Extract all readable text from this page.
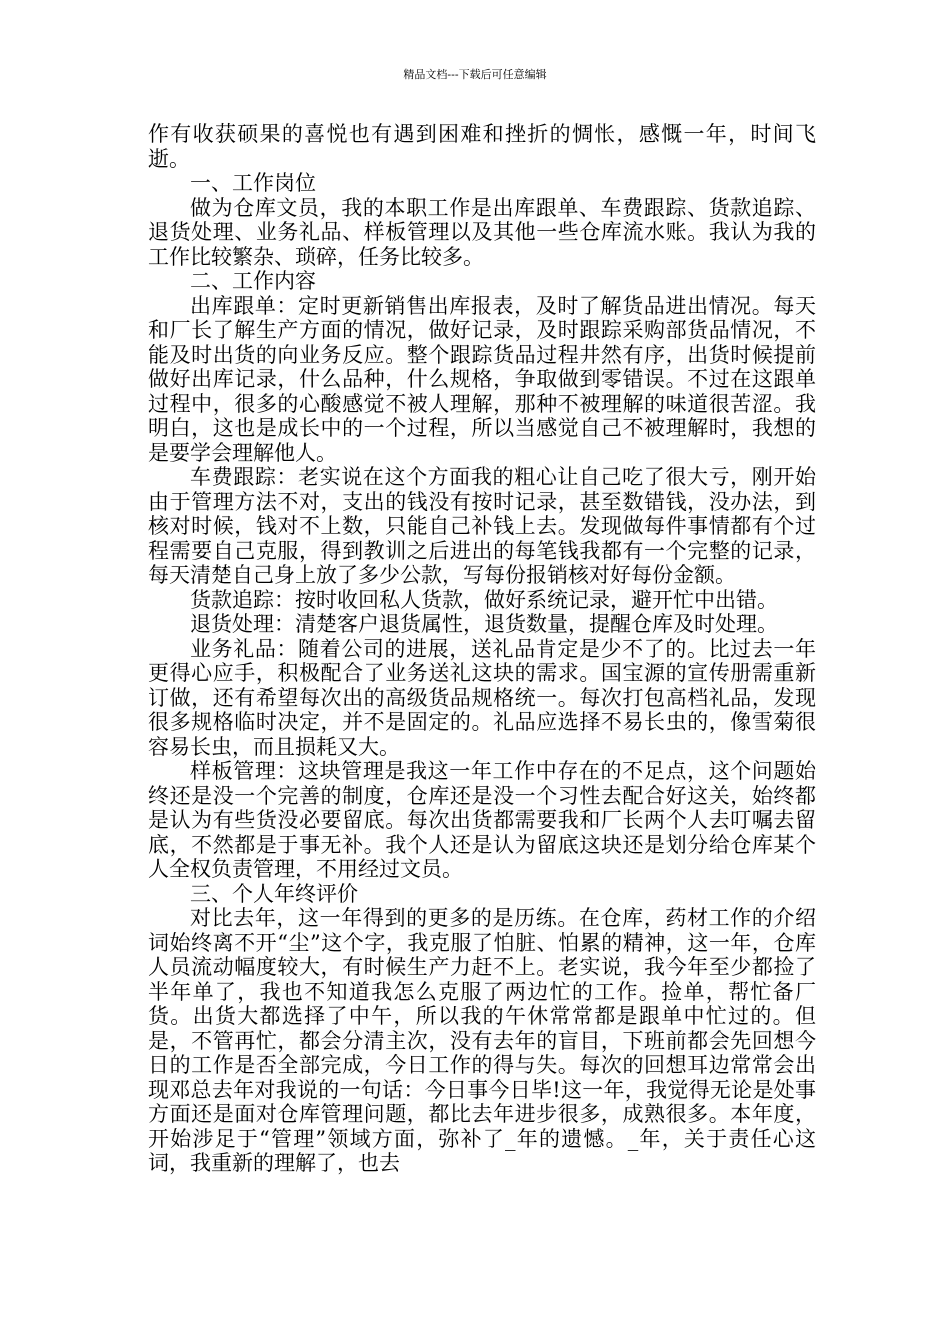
精品文档---下载后可任意编辑

作有收获硕果的喜悦也有遇到困难和挫折的惆怅，感慨一年，时间飞逝。

一、工作岗位

做为仓库文员，我的本职工作是出库跟单、车费跟踪、货款追踪、退货处理、业务礼品、样板管理以及其他一些仓库流水账。我认为我的工作比较繁杂、琐碎，任务比较多。

二、工作内容

出库跟单：定时更新销售出库报表，及时了解货品进出情况。每天和厂长了解生产方面的情况，做好记录，及时跟踪采购部货品情况，不能及时出货的向业务反应。整个跟踪货品过程井然有序，出货时候提前做好出库记录，什么品种，什么规格，争取做到零错误。不过在这跟单过程中，很多的心酸感觉不被人理解，那种不被理解的味道很苦涩。我明白，这也是成长中的一个过程，所以当感觉自己不被理解时，我想的是要学会理解他人。

车费跟踪：老实说在这个方面我的粗心让自己吃了很大亏，刚开始由于管理方法不对，支出的钱没有按时记录，甚至数错钱，没办法，到核对时候，钱对不上数，只能自己补钱上去。发现做每件事情都有个过程需要自己克服，得到教训之后进出的每笔钱我都有一个完整的记录，每天清楚自己身上放了多少公款，写每份报销核对好每份金额。

货款追踪：按时收回私人货款，做好系统记录，避开忙中出错。

退货处理：清楚客户退货属性，退货数量，提醒仓库及时处理。

业务礼品：随着公司的进展，送礼品肯定是少不了的。比过去一年更得心应手，积极配合了业务送礼这块的需求。国宝源的宣传册需重新订做，还有希望每次出的高级货品规格统一。每次打包高档礼品，发现很多规格临时决定，并不是固定的。礼品应选择不易长虫的，像雪菊很容易长虫，而且损耗又大。

样板管理：这块管理是我这一年工作中存在的不足点，这个问题始终还是没一个完善的制度，仓库还是没一个习性去配合好这关，始终都是认为有些货没必要留底。每次出货都需要我和厂长两个人去叮嘱去留底，不然都是于事无补。我个人还是认为留底这块还是划分给仓库某个人全权负责管理，不用经过文员。

三、个人年终评价

对比去年，这一年得到的更多的是历练。在仓库，药材工作的介绍词始终离不开“尘”这个字，我克服了怕脏、怕累的精神，这一年，仓库人员流动幅度较大，有时候生产力赶不上。老实说，我今年至少都捡了半年单了，我也不知道我怎么克服了两边忙的工作。捡单，帮忙备厂货。出货大都选择了中午，所以我的午休常常都是跟单中忙过的。但是，不管再忙，都会分清主次，没有去年的盲目，下班前都会先回想今日的工作是否全部完成，今日工作的得与失。每次的回想耳边常常会出现邓总去年对我说的一句话：今日事今日毕!这一年，我觉得无论是处事方面还是面对仓库管理问题，都比去年进步很多，成熟很多。本年度，开始涉足于“管理”领域方面，弥补了_年的遗憾。_年，关于责任心这词，我重新的理解了，也去
